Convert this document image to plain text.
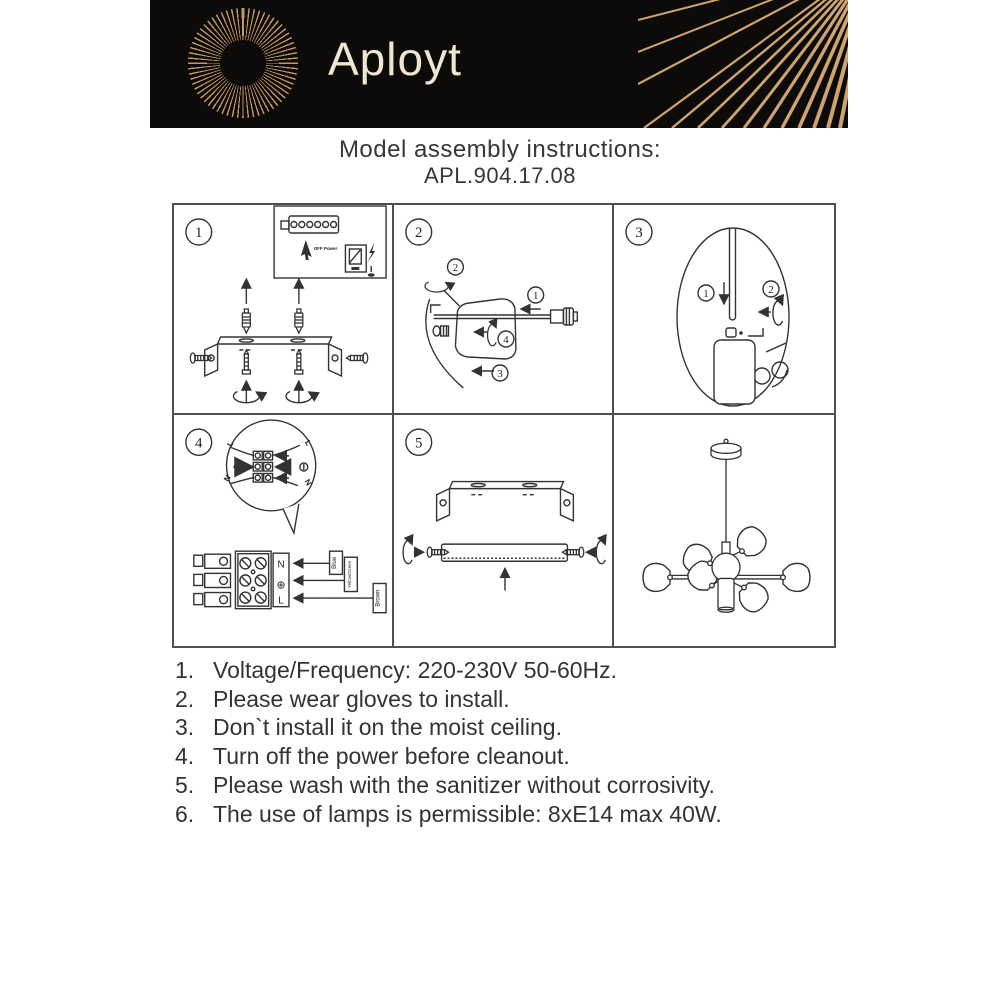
Aployt
Model assembly instructions:
APL.904.17.08
1
OFF Power
2
1
2
4
3
3
1	2
4	L	L
N	N
N
⊕
L
Blue Yellow/Green
Brown
5
1. Voltage/Frequency: 220-230V 50-60Hz.
2. Please wear gloves to install.
3. Don`t install it on the moist ceiling.
4. Turn off the power before cleanout.
5. Please wash with the sanitizer without corrosivity.
6. The use of lamps is permissible: 8xE14 max 40W.
